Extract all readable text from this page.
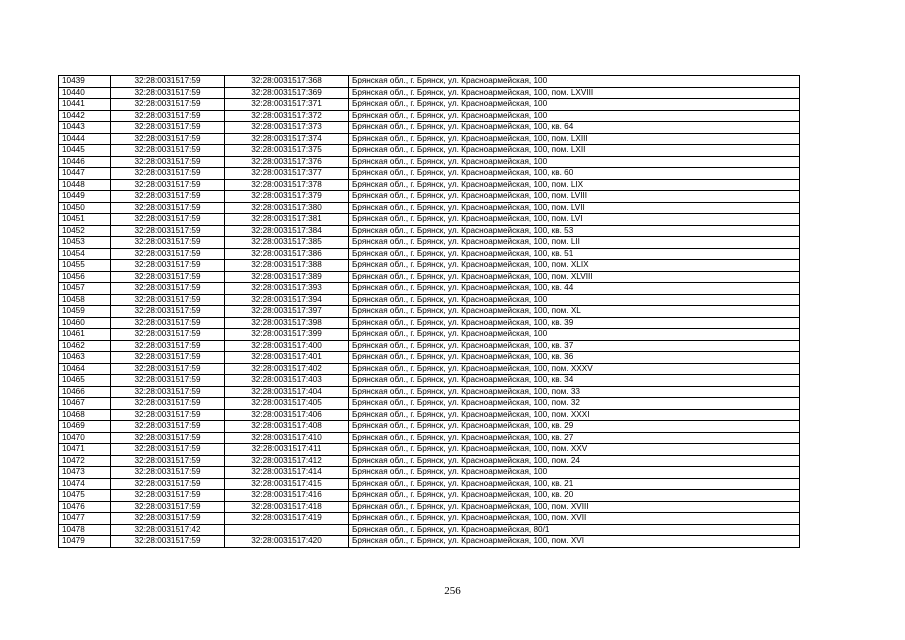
10439	32:28:0031517:59	32:28:0031517:368	Брянская обл., г. Брянск, ул. Красноармейская, 100
10440	32:28:0031517:59	32:28:0031517:369	Брянская обл., г. Брянск, ул. Красноармейская, 100, пом. LXVIII
10441	32:28:0031517:59	32:28:0031517:371	Брянская обл., г. Брянск, ул. Красноармейская, 100
10442	32:28:0031517:59	32:28:0031517:372	Брянская обл., г. Брянск, ул. Красноармейская, 100
10443	32:28:0031517:59	32:28:0031517:373	Брянская обл., г. Брянск, ул. Красноармейская, 100, кв. 64
10444	32:28:0031517:59	32:28:0031517:374	Брянская обл., г. Брянск, ул. Красноармейская, 100, пом. LXIII
10445	32:28:0031517:59	32:28:0031517:375	Брянская обл., г. Брянск, ул. Красноармейская, 100, пом. LXII
10446	32:28:0031517:59	32:28:0031517:376	Брянская обл., г. Брянск, ул. Красноармейская, 100
10447	32:28:0031517:59	32:28:0031517:377	Брянская обл., г. Брянск, ул. Красноармейская, 100, кв. 60
10448	32:28:0031517:59	32:28:0031517:378	Брянская обл., г. Брянск, ул. Красноармейская, 100, пом. LIX
10449	32:28:0031517:59	32:28:0031517:379	Брянская обл., г. Брянск, ул. Красноармейская, 100, пом. LVIII
10450	32:28:0031517:59	32:28:0031517:380	Брянская обл., г. Брянск, ул. Красноармейская, 100, пом. LVII
10451	32:28:0031517:59	32:28:0031517:381	Брянская обл., г. Брянск, ул. Красноармейская, 100, пом. LVI
10452	32:28:0031517:59	32:28:0031517:384	Брянская обл., г. Брянск, ул. Красноармейская, 100, кв. 53
10453	32:28:0031517:59	32:28:0031517:385	Брянская обл., г. Брянск, ул. Красноармейская, 100, пом. LII
10454	32:28:0031517:59	32:28:0031517:386	Брянская обл., г. Брянск, ул. Красноармейская, 100, кв. 51
10455	32:28:0031517:59	32:28:0031517:388	Брянская обл., г. Брянск, ул. Красноармейская, 100, пом. XLIX
10456	32:28:0031517:59	32:28:0031517:389	Брянская обл., г. Брянск, ул. Красноармейская, 100, пом. XLVIII
10457	32:28:0031517:59	32:28:0031517:393	Брянская обл., г. Брянск, ул. Красноармейская, 100, кв. 44
10458	32:28:0031517:59	32:28:0031517:394	Брянская обл., г. Брянск, ул. Красноармейская, 100
10459	32:28:0031517:59	32:28:0031517:397	Брянская обл., г. Брянск, ул. Красноармейская, 100, пом. XL
10460	32:28:0031517:59	32:28:0031517:398	Брянская обл., г. Брянск, ул. Красноармейская, 100, кв. 39
10461	32:28:0031517:59	32:28:0031517:399	Брянская обл., г. Брянск, ул. Красноармейская, 100
10462	32:28:0031517:59	32:28:0031517:400	Брянская обл., г. Брянск, ул. Красноармейская, 100, кв. 37
10463	32:28:0031517:59	32:28:0031517:401	Брянская обл., г. Брянск, ул. Красноармейская, 100, кв. 36
10464	32:28:0031517:59	32:28:0031517:402	Брянская обл., г. Брянск, ул. Красноармейская, 100, пом. XXXV
10465	32:28:0031517:59	32:28:0031517:403	Брянская обл., г. Брянск, ул. Красноармейская, 100, кв. 34
10466	32:28:0031517:59	32:28:0031517:404	Брянская обл., г. Брянск, ул. Красноармейская, 100, пом. 33
10467	32:28:0031517:59	32:28:0031517:405	Брянская обл., г. Брянск, ул. Красноармейская, 100, пом. 32
10468	32:28:0031517:59	32:28:0031517:406	Брянская обл., г. Брянск, ул. Красноармейская, 100, пом. XXXI
10469	32:28:0031517:59	32:28:0031517:408	Брянская обл., г. Брянск, ул. Красноармейская, 100, кв. 29
10470	32:28:0031517:59	32:28:0031517:410	Брянская обл., г. Брянск, ул. Красноармейская, 100, кв. 27
10471	32:28:0031517:59	32:28:0031517:411	Брянская обл., г. Брянск, ул. Красноармейская, 100, пом. XXV
10472	32:28:0031517:59	32:28:0031517:412	Брянская обл., г. Брянск, ул. Красноармейская, 100, пом. 24
10473	32:28:0031517:59	32:28:0031517:414	Брянская обл., г. Брянск, ул. Красноармейская, 100
10474	32:28:0031517:59	32:28:0031517:415	Брянская обл., г. Брянск, ул. Красноармейская, 100, кв. 21
10475	32:28:0031517:59	32:28:0031517:416	Брянская обл., г. Брянск, ул. Красноармейская, 100, кв. 20
10476	32:28:0031517:59	32:28:0031517:418	Брянская обл., г. Брянск, ул. Красноармейская, 100, пом. XVIII
10477	32:28:0031517:59	32:28:0031517:419	Брянская обл., г. Брянск, ул. Красноармейская, 100, пом. XVII
10478	32:28:0031517:42		Брянская обл., г. Брянск, ул. Красноармейская, 80/1
10479	32:28:0031517:59	32:28:0031517:420	Брянская обл., г. Брянск, ул. Красноармейская, 100, пом. XVI
256
